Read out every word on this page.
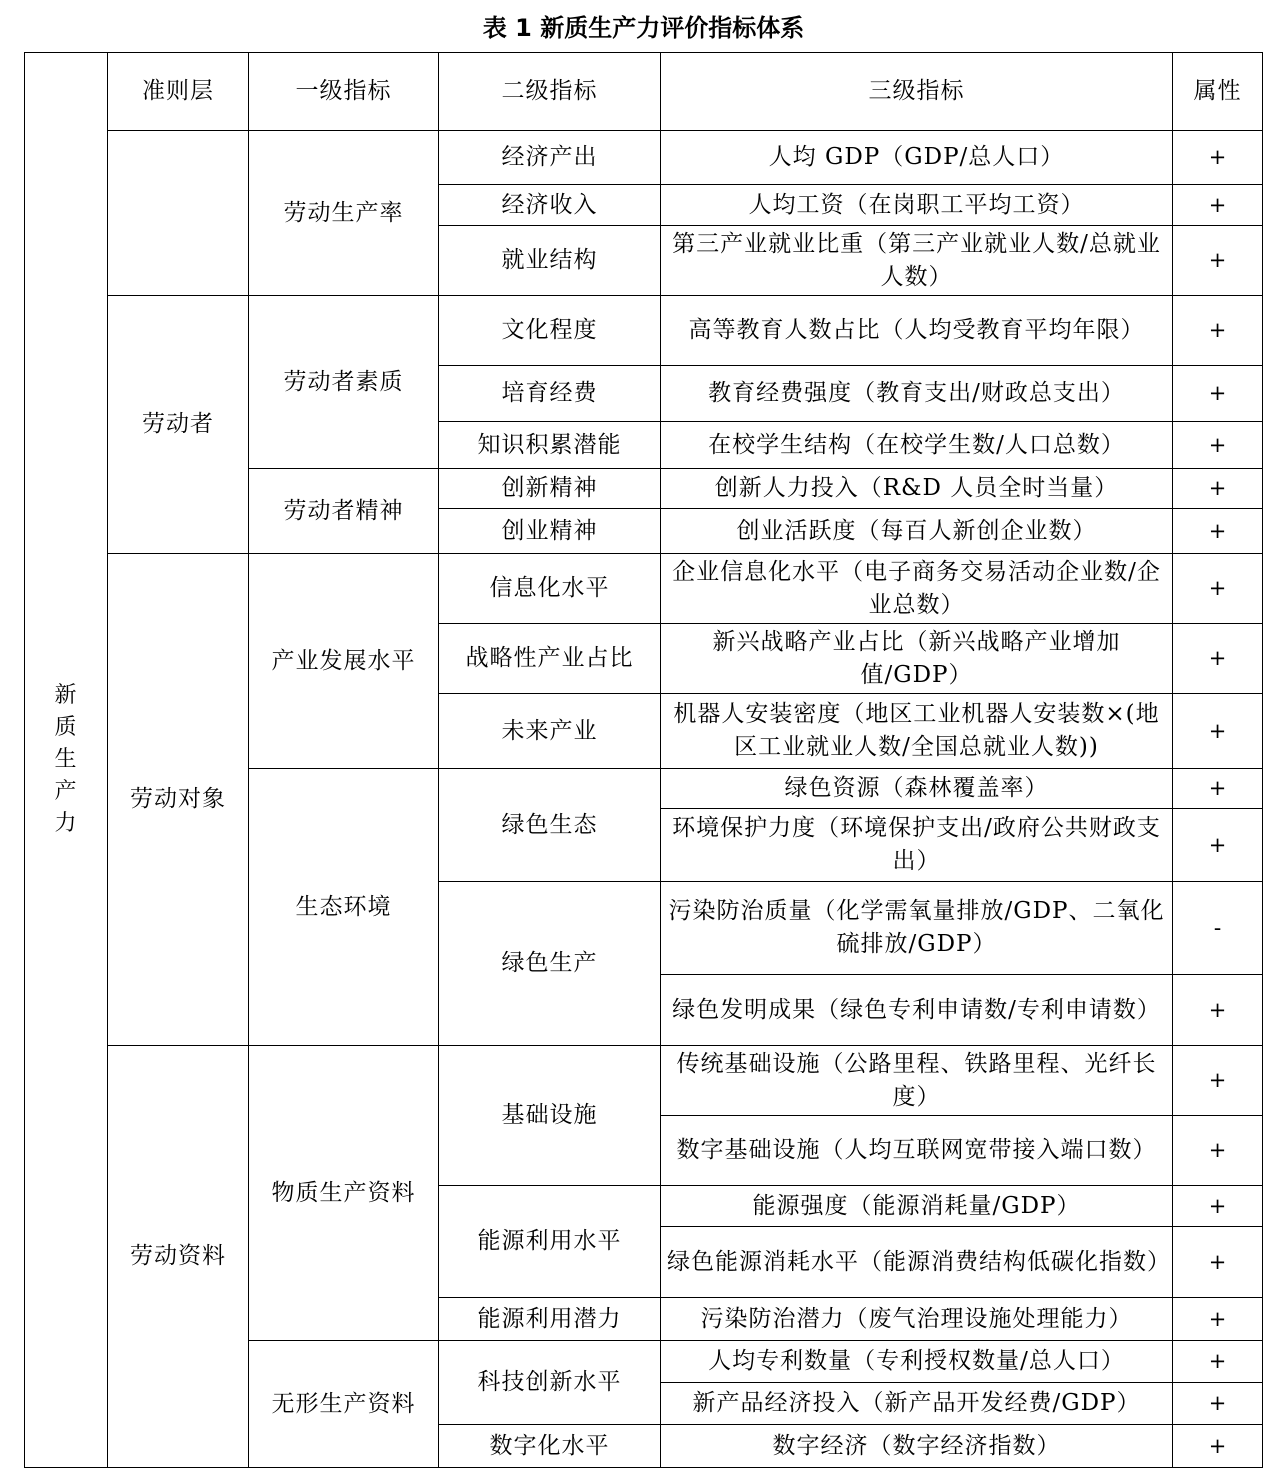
表 1 新质生产力评价指标体系
新质生产力	准则层	一级指标	二级指标	三级指标	属性
		劳动生产率	经济产出	人均 GDP（GDP/总人口）	+
			经济收入	人均工资（在岗职工平均工资）	+
			就业结构	第三产业就业比重（第三产业就业人数/总就业人数）	+
	劳动者	劳动者素质	文化程度	高等教育人数占比（人均受教育平均年限）	+
			培育经费	教育经费强度（教育支出/财政总支出）	+
			知识积累潜能	在校学生结构（在校学生数/人口总数）	+
		劳动者精神	创新精神	创新人力投入（R&D 人员全时当量）	+
			创业精神	创业活跃度（每百人新创企业数）	+
	劳动对象	产业发展水平	信息化水平	企业信息化水平（电子商务交易活动企业数/企业总数）	+
			战略性产业占比	新兴战略产业占比（新兴战略产业增加值/GDP）	+
			未来产业	机器人安装密度（地区工业机器人安装数×(地区工业就业人数/全国总就业人数))	+
		生态环境	绿色生态	绿色资源（森林覆盖率）	+
				环境保护力度（环境保护支出/政府公共财政支出）	+
			绿色生产	污染防治质量（化学需氧量排放/GDP、二氧化硫排放/GDP）	-
				绿色发明成果（绿色专利申请数/专利申请数）	+
	劳动资料	物质生产资料	基础设施	传统基础设施（公路里程、铁路里程、光纤长度）	+
				数字基础设施（人均互联网宽带接入端口数）	+
			能源利用水平	能源强度（能源消耗量/GDP）	+
				绿色能源消耗水平（能源消费结构低碳化指数）	+
			能源利用潜力	污染防治潜力（废气治理设施处理能力）	+
		无形生产资料	科技创新水平	人均专利数量（专利授权数量/总人口）	+
				新产品经济投入（新产品开发经费/GDP）	+
			数字化水平	数字经济（数字经济指数）	+
